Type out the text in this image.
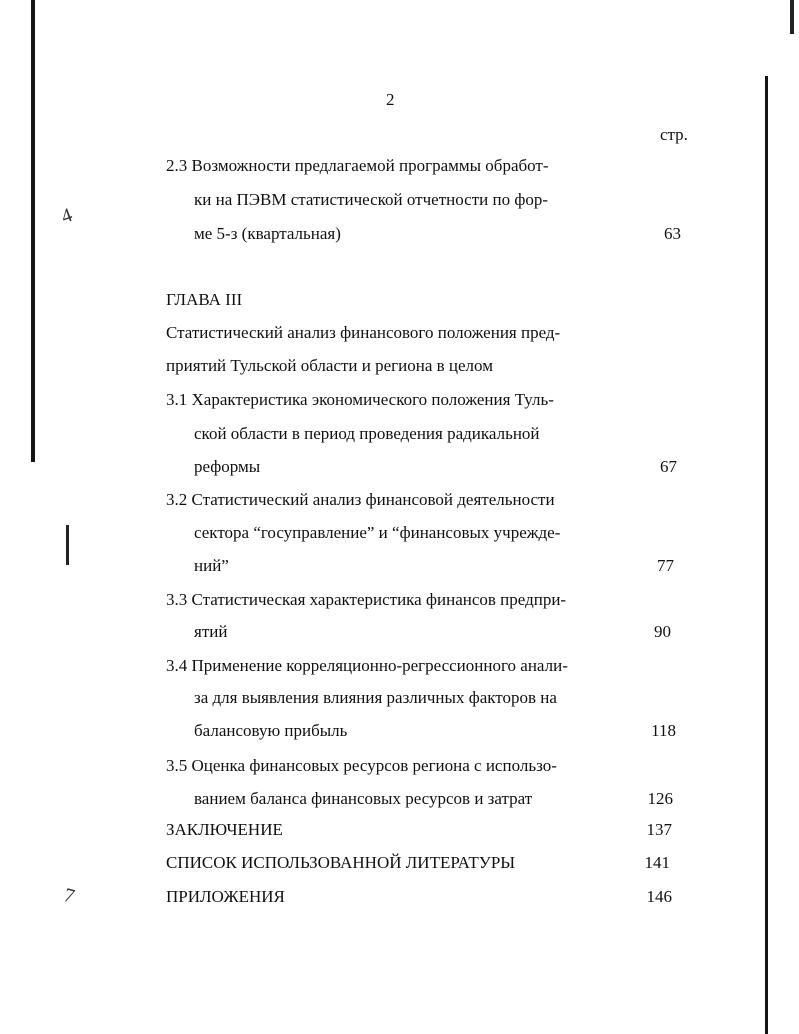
4
7
2
стр.
2.3 Возможности предлагаемой программы обработ-
ки на ПЭВМ статистической отчетности по фор-
ме 5-з (квартальная)	63
ГЛАВА III
Статистический анализ финансового положения пред-
приятий Тульской области и региона в целом
3.1 Характеристика экономического положения Туль-
ской области в период проведения радикальной
реформы	67
3.2 Статистический анализ финансовой деятельности
сектора “госуправление” и “финансовых учрежде-
ний”	77
3.3 Статистическая характеристика финансов предпри-
ятий	90
3.4 Применение корреляционно-регрессионного анали-
за для выявления влияния различных факторов на
балансовую прибыль	118
3.5 Оценка финансовых ресурсов региона с использо-
ванием баланса финансовых ресурсов и затрат	126
ЗАКЛЮЧЕНИЕ	137
СПИСОК ИСПОЛЬЗОВАННОЙ ЛИТЕРАТУРЫ	141
ПРИЛОЖЕНИЯ	146
